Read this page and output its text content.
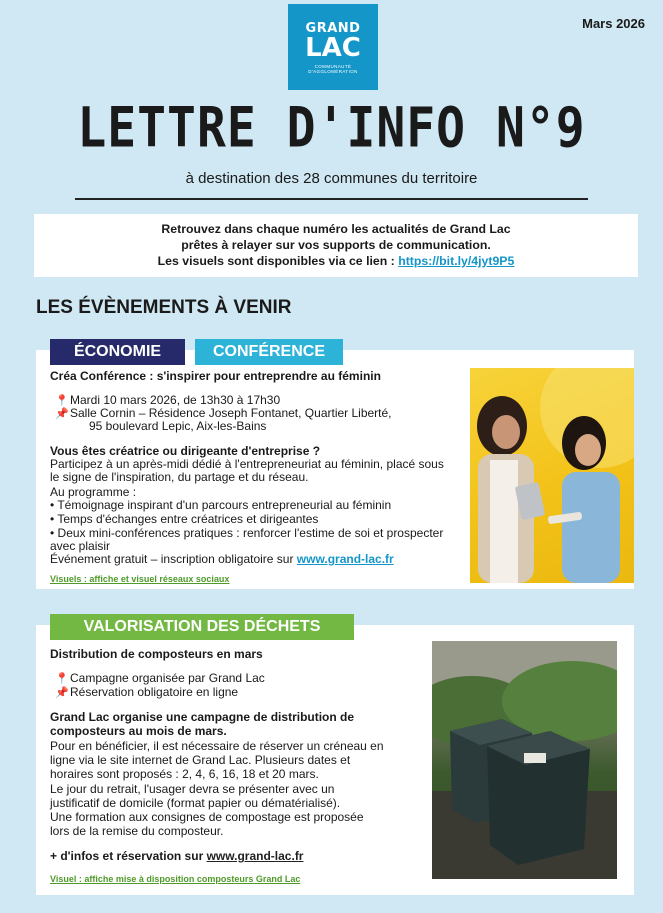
GRAND
LAC
COMMUNAUTÉ
D'AGGLOMÉRATION
Mars 2026
LETTRE D'INFO N°9
à destination des 28 communes du territoire
Retrouvez dans chaque numéro les actualités de Grand Lac
prêtes à relayer sur vos supports de communication.
Les visuels sont disponibles via ce lien : https://bit.ly/4jyt9P5
LES ÉVÈNEMENTS À VENIR
ÉCONOMIE	CONFÉRENCE
Créa Conférence : s'inspirer pour entreprendre au féminin
📍Mardi 10 mars 2026, de 13h30 à 17h30
📌Salle Cornin – Résidence Joseph Fontanet, Quartier Liberté,
95 boulevard Lepic, Aix-les-Bains
Vous êtes créatrice ou dirigeante d'entreprise ?
Participez à un après-midi dédié à l'entrepreneuriat au féminin, placé sous
le signe de l'inspiration, du partage et du réseau.
Au programme :
• Témoignage inspirant d'un parcours entrepreneurial au féminin
• Temps d'échanges entre créatrices et dirigeantes
• Deux mini-conférences pratiques : renforcer l'estime de soi et prospecter
avec plaisir
Événement gratuit – inscription obligatoire sur www.grand-lac.fr
Visuels : affiche et visuel réseaux sociaux
VALORISATION DES DÉCHETS
Distribution de composteurs en mars
📍Campagne organisée par Grand Lac
📌Réservation obligatoire en ligne
Grand Lac organise une campagne de distribution de
composteurs au mois de mars.
Pour en bénéficier, il est nécessaire de réserver un créneau en
ligne via le site internet de Grand Lac. Plusieurs dates et
horaires sont proposés : 2, 4, 6, 16, 18 et 20 mars.
Le jour du retrait, l'usager devra se présenter avec un
justificatif de domicile (format papier ou dématérialisé).
Une formation aux consignes de compostage est proposée
lors de la remise du composteur.
+ d'infos et réservation sur www.grand-lac.fr
Visuel : affiche mise à disposition composteurs Grand Lac
